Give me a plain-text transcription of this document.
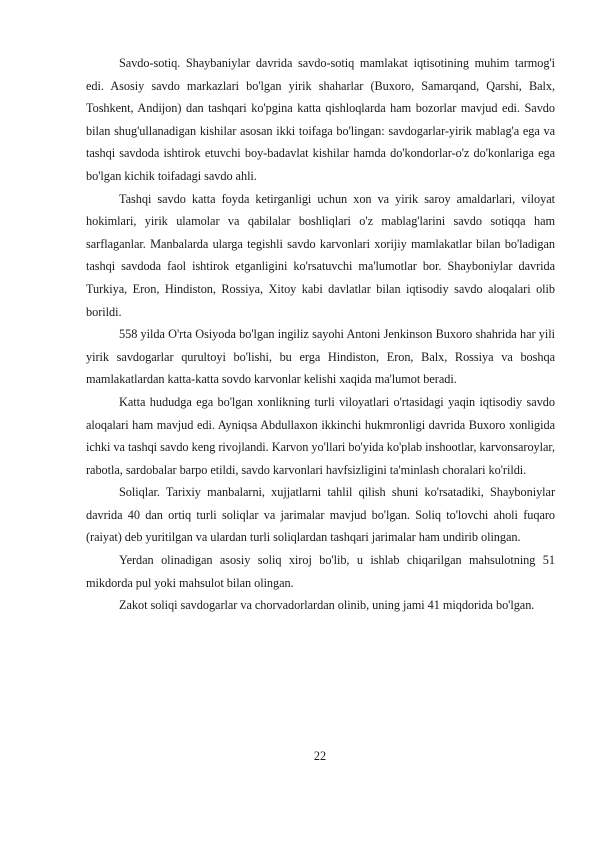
Savdo-sotiq. Shaybaniylar davrida savdo-sotiq mamlakat iqtisotining muhim tarmog'i edi. Asosiy savdo markazlari bo'lgan yirik shaharlar (Buxoro, Samarqand, Qarshi, Balx, Toshkent, Andijon) dan tashqari ko'pgina katta qishloqlarda ham bozorlar mavjud edi. Savdo bilan shug'ullanadigan kishilar asosan ikki toifaga bo'lingan: savdogarlar-yirik mablag'a ega va tashqi savdoda ishtirok etuvchi boy-badavlat kishilar hamda do'kondorlar-o'z do'konlariga ega bo'lgan kichik toifadagi savdo ahli.

Tashqi savdo katta foyda ketirganligi uchun xon va yirik saroy amaldarlari, viloyat hokimlari, yirik ulamolar va qabilalar boshliqlari o'z mablag'larini savdo sotiqqa ham sarflaganlar. Manbalarda ularga tegishli savdo karvonlari xorijiy mamlakatlar bilan bo'ladigan tashqi savdoda faol ishtirok etganligini ko'rsatuvchi ma'lumotlar bor. Shayboniylar davrida Turkiya, Eron, Hindiston, Rossiya, Xitoy kabi davlatlar bilan iqtisodiy savdo aloqalari olib borildi.

558 yilda O'rta Osiyoda bo'lgan ingiliz sayohi Antoni Jenkinson Buxoro shahrida har yili yirik savdogarlar qurultoyi bo'lishi, bu erga Hindiston, Eron, Balx, Rossiya va boshqa mamlakatlardan katta-katta sovdo karvonlar kelishi xaqida ma'lumot beradi.

Katta hududga ega bo'lgan xonlikning turli viloyatlari o'rtasidagi yaqin iqtisodiy savdo aloqalari ham mavjud edi. Ayniqsa Abdullaxon ikkinchi hukmronligi davrida Buxoro xonligida ichki va tashqi savdo keng rivojlandi. Karvon yo'llari bo'yida ko'plab inshootlar, karvonsaroylar, rabotla, sardobalar barpo etildi, savdo karvonlari havfsizligini ta'minlash choralari ko'rildi.

Soliqlar. Tarixiy manbalarni, xujjatlarni tahlil qilish shuni ko'rsatadiki, Shayboniylar davrida 40 dan ortiq turli soliqlar va jarimalar mavjud bo'lgan. Soliq to'lovchi aholi fuqaro (raiyat) deb yuritilgan va ulardan turli soliqlardan tashqari jarimalar ham undirib olingan.

Yerdan olinadigan asosiy soliq xiroj bo'lib, u ishlab chiqarilgan mahsulotning 51 mikdorda pul yoki mahsulot bilan olingan.

Zakot soliqi savdogarlar va chorvadorlardan olinib, uning jami 41 miqdorida bo'lgan.

22
